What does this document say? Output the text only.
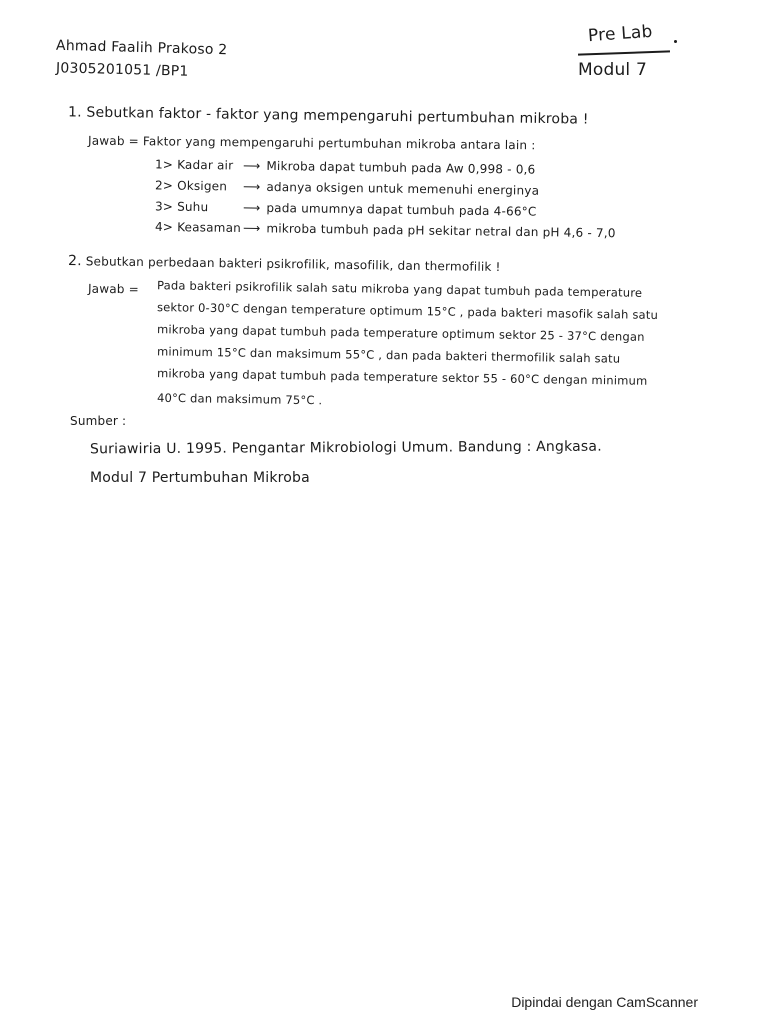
Ahmad Faalih Prakoso 2
J0305201051 /BP1
Pre Lab
Modul 7
1. Sebutkan faktor - faktor yang mempengaruhi pertumbuhan mikroba !
Jawab = Faktor yang mempengaruhi pertumbuhan mikroba antara lain :
1> Kadar air ⟶ Mikroba dapat tumbuh pada Aw 0,998 - 0,6
2> Oksigen ⟶ adanya oksigen untuk memenuhi energinya
3> Suhu	⟶ pada umumnya dapat tumbuh pada 4-66°C
4> Keasaman ⟶ mikroba tumbuh pada pH sekitar netral dan pH 4,6 - 7,0
2. Sebutkan perbedaan bakteri psikrofilik, masofilik, dan thermofilik !
Jawab = Pada bakteri psikrofilik salah satu mikroba yang dapat tumbuh pada temperature
sektor 0-30°C dengan temperature optimum 15°C , pada bakteri masofik salah satu
mikroba yang dapat tumbuh pada temperature optimum sektor 25 - 37°C dengan
minimum 15°C dan maksimum 55°C , dan pada bakteri thermofilik salah satu
mikroba yang dapat tumbuh pada temperature sektor 55 - 60°C dengan minimum
40°C dan maksimum 75°C .
Sumber :
Suriawiria U. 1995. Pengantar Mikrobiologi Umum. Bandung : Angkasa.
Modul 7 Pertumbuhan Mikroba
Dipindai dengan CamScanner
